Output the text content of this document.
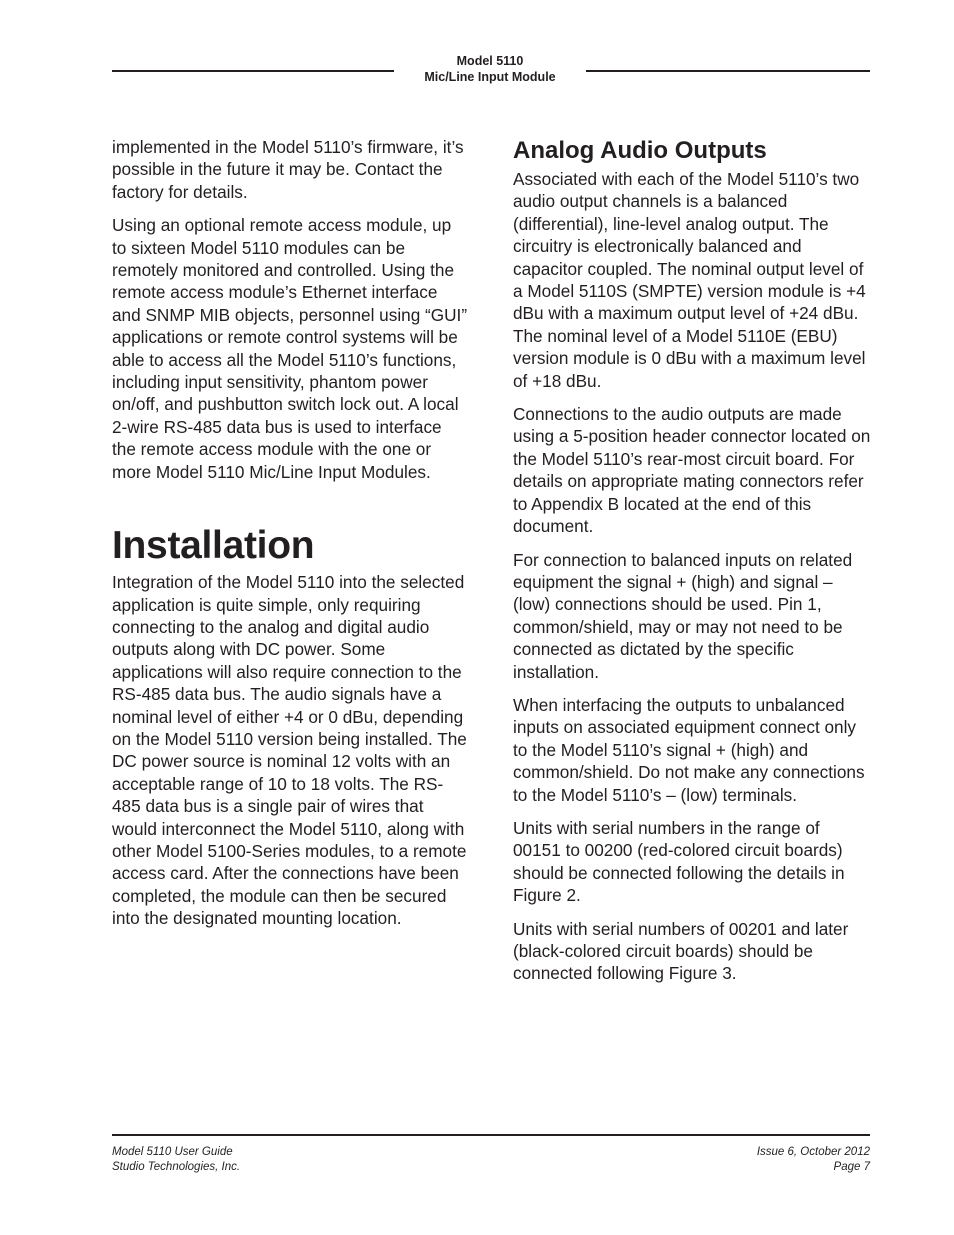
Model 5110
Mic/Line Input Module

implemented in the Model 5110’s firmware, it’s possible in the future it may be. Contact the factory for details.

Using an optional remote access module, up to sixteen Model 5110 modules can be remotely monitored and controlled. Using the remote access module’s Ethernet interface and SNMP MIB objects, personnel using “GUI” applications or remote control systems will be able to access all the Model 5110’s functions, including input sensitivity, phantom power on/off, and pushbutton switch lock out. A local 2-wire RS-485 data bus is used to interface the remote access module with the one or more Model 5110 Mic/Line Input Modules.

Installation

Integration of the Model 5110 into the selected application is quite simple, only requiring connecting to the analog and digital audio outputs along with DC power. Some applications will also require connection to the RS-485 data bus. The audio signals have a nominal level of either +4 or 0 dBu, depending on the Model 5110 version being installed. The DC power source is nominal 12 volts with an acceptable range of 10 to 18 volts. The RS-485 data bus is a single pair of wires that would interconnect the Model 5110, along with other Model 5100-Series modules, to a remote access card. After the connections have been completed, the module can then be secured into the designated mounting location.

Analog Audio Outputs

Associated with each of the Model 5110’s two audio output channels is a balanced (differential), line-level analog output. The circuitry is electronically balanced and capacitor coupled. The nominal output level of a Model 5110S (SMPTE) version module is +4 dBu with a maximum output level of +24 dBu. The nominal level of a Model 5110E (EBU) version module is 0 dBu with a maximum level of +18 dBu.

Connections to the audio outputs are made using a 5-position header connector located on the Model 5110’s rear-most circuit board. For details on appropriate mating connectors refer to Appendix B located at the end of this document.

For connection to balanced inputs on related equipment the signal + (high) and signal – (low) connections should be used. Pin 1, common/shield, may or may not need to be connected as dictated by the specific installation.

When interfacing the outputs to unbalanced inputs on associated equipment connect only to the Model 5110’s signal + (high) and common/shield. Do not make any connections to the Model 5110’s – (low) terminals.

Units with serial numbers in the range of 00151 to 00200 (red-colored circuit boards) should be connected following the details in Figure 2.

Units with serial numbers of 00201 and later (black-colored circuit boards) should be connected following Figure 3.

Model 5110 User Guide
Studio Technologies, Inc.
Issue 6, October 2012
Page 7
